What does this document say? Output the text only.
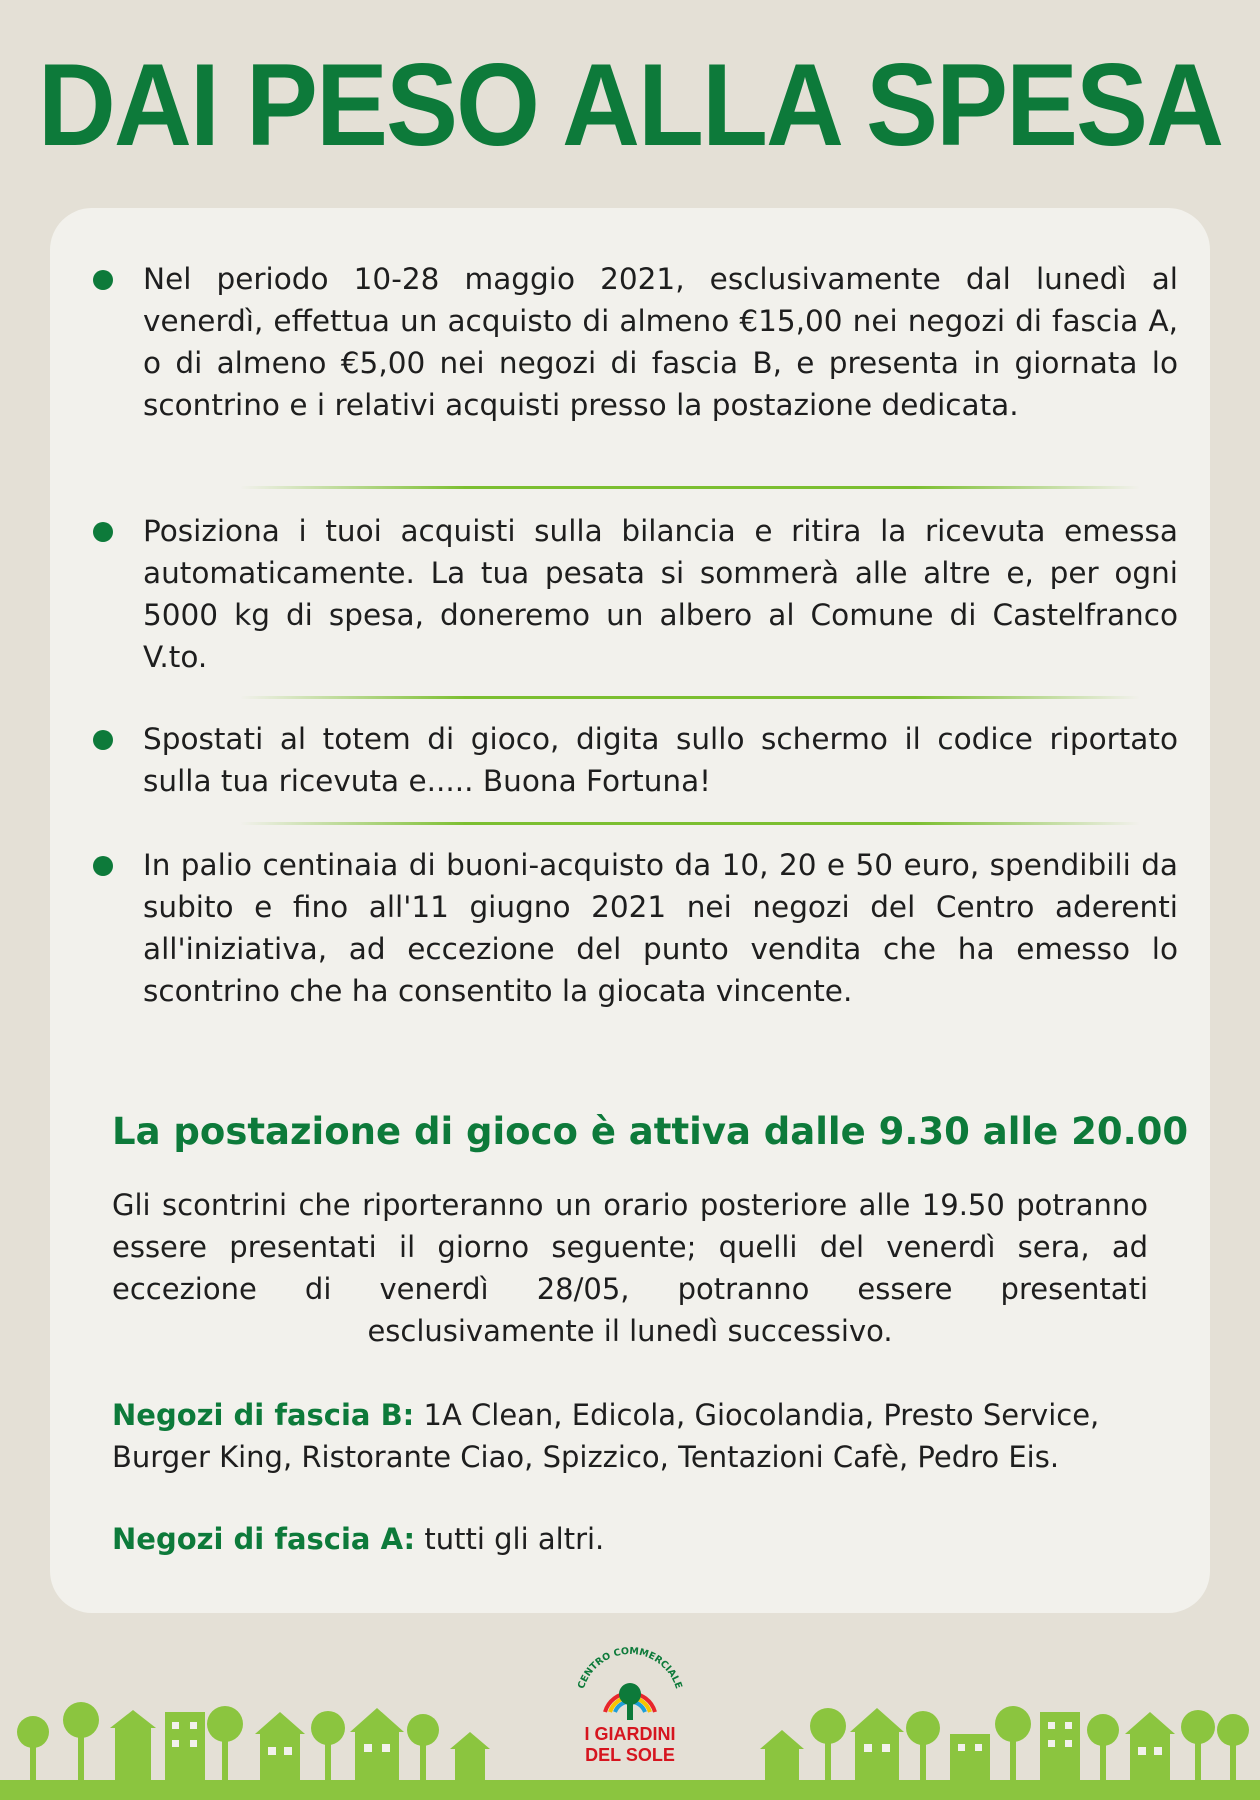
DAI PESO ALLA SPESA
Nel periodo 10-28 maggio 2021, esclusivamente dal lunedì al venerdì, effettua un acquisto di almeno €15,00 nei negozi di fascia A, o di almeno €5,00 nei negozi di fascia B, e presenta in giornata lo scontrino e i relativi acquisti presso la postazione dedicata.
Posiziona i tuoi acquisti sulla bilancia e ritira la ricevuta emessa automaticamente. La tua pesata si sommerà alle altre e, per ogni 5000 kg di spesa, doneremo un albero al Comune di Castelfranco V.to.
Spostati al totem di gioco, digita sullo schermo il codice riportato sulla tua ricevuta e..... Buona Fortuna!
In palio centinaia di buoni-acquisto da 10, 20 e 50 euro, spendibili da subito e fino all'11 giugno 2021 nei negozi del Centro aderenti all'iniziativa, ad eccezione del punto vendita che ha emesso lo scontrino che ha consentito la giocata vincente.
La postazione di gioco è attiva dalle 9.30 alle 20.00
Gli scontrini che riporteranno un orario posteriore alle 19.50 potranno essere presentati il giorno seguente; quelli del venerdì sera, ad eccezione di venerdì 28/05, potranno essere presentati esclusivamente il lunedì successivo.
Negozi di fascia B: 1A Clean, Edicola, Giocolandia, Presto Service, Burger King, Ristorante Ciao, Spizzico, Tentazioni Cafè, Pedro Eis.
Negozi di fascia A: tutti gli altri.
CENTRO COMMERCIALE
I GIARDINI
DEL SOLE
